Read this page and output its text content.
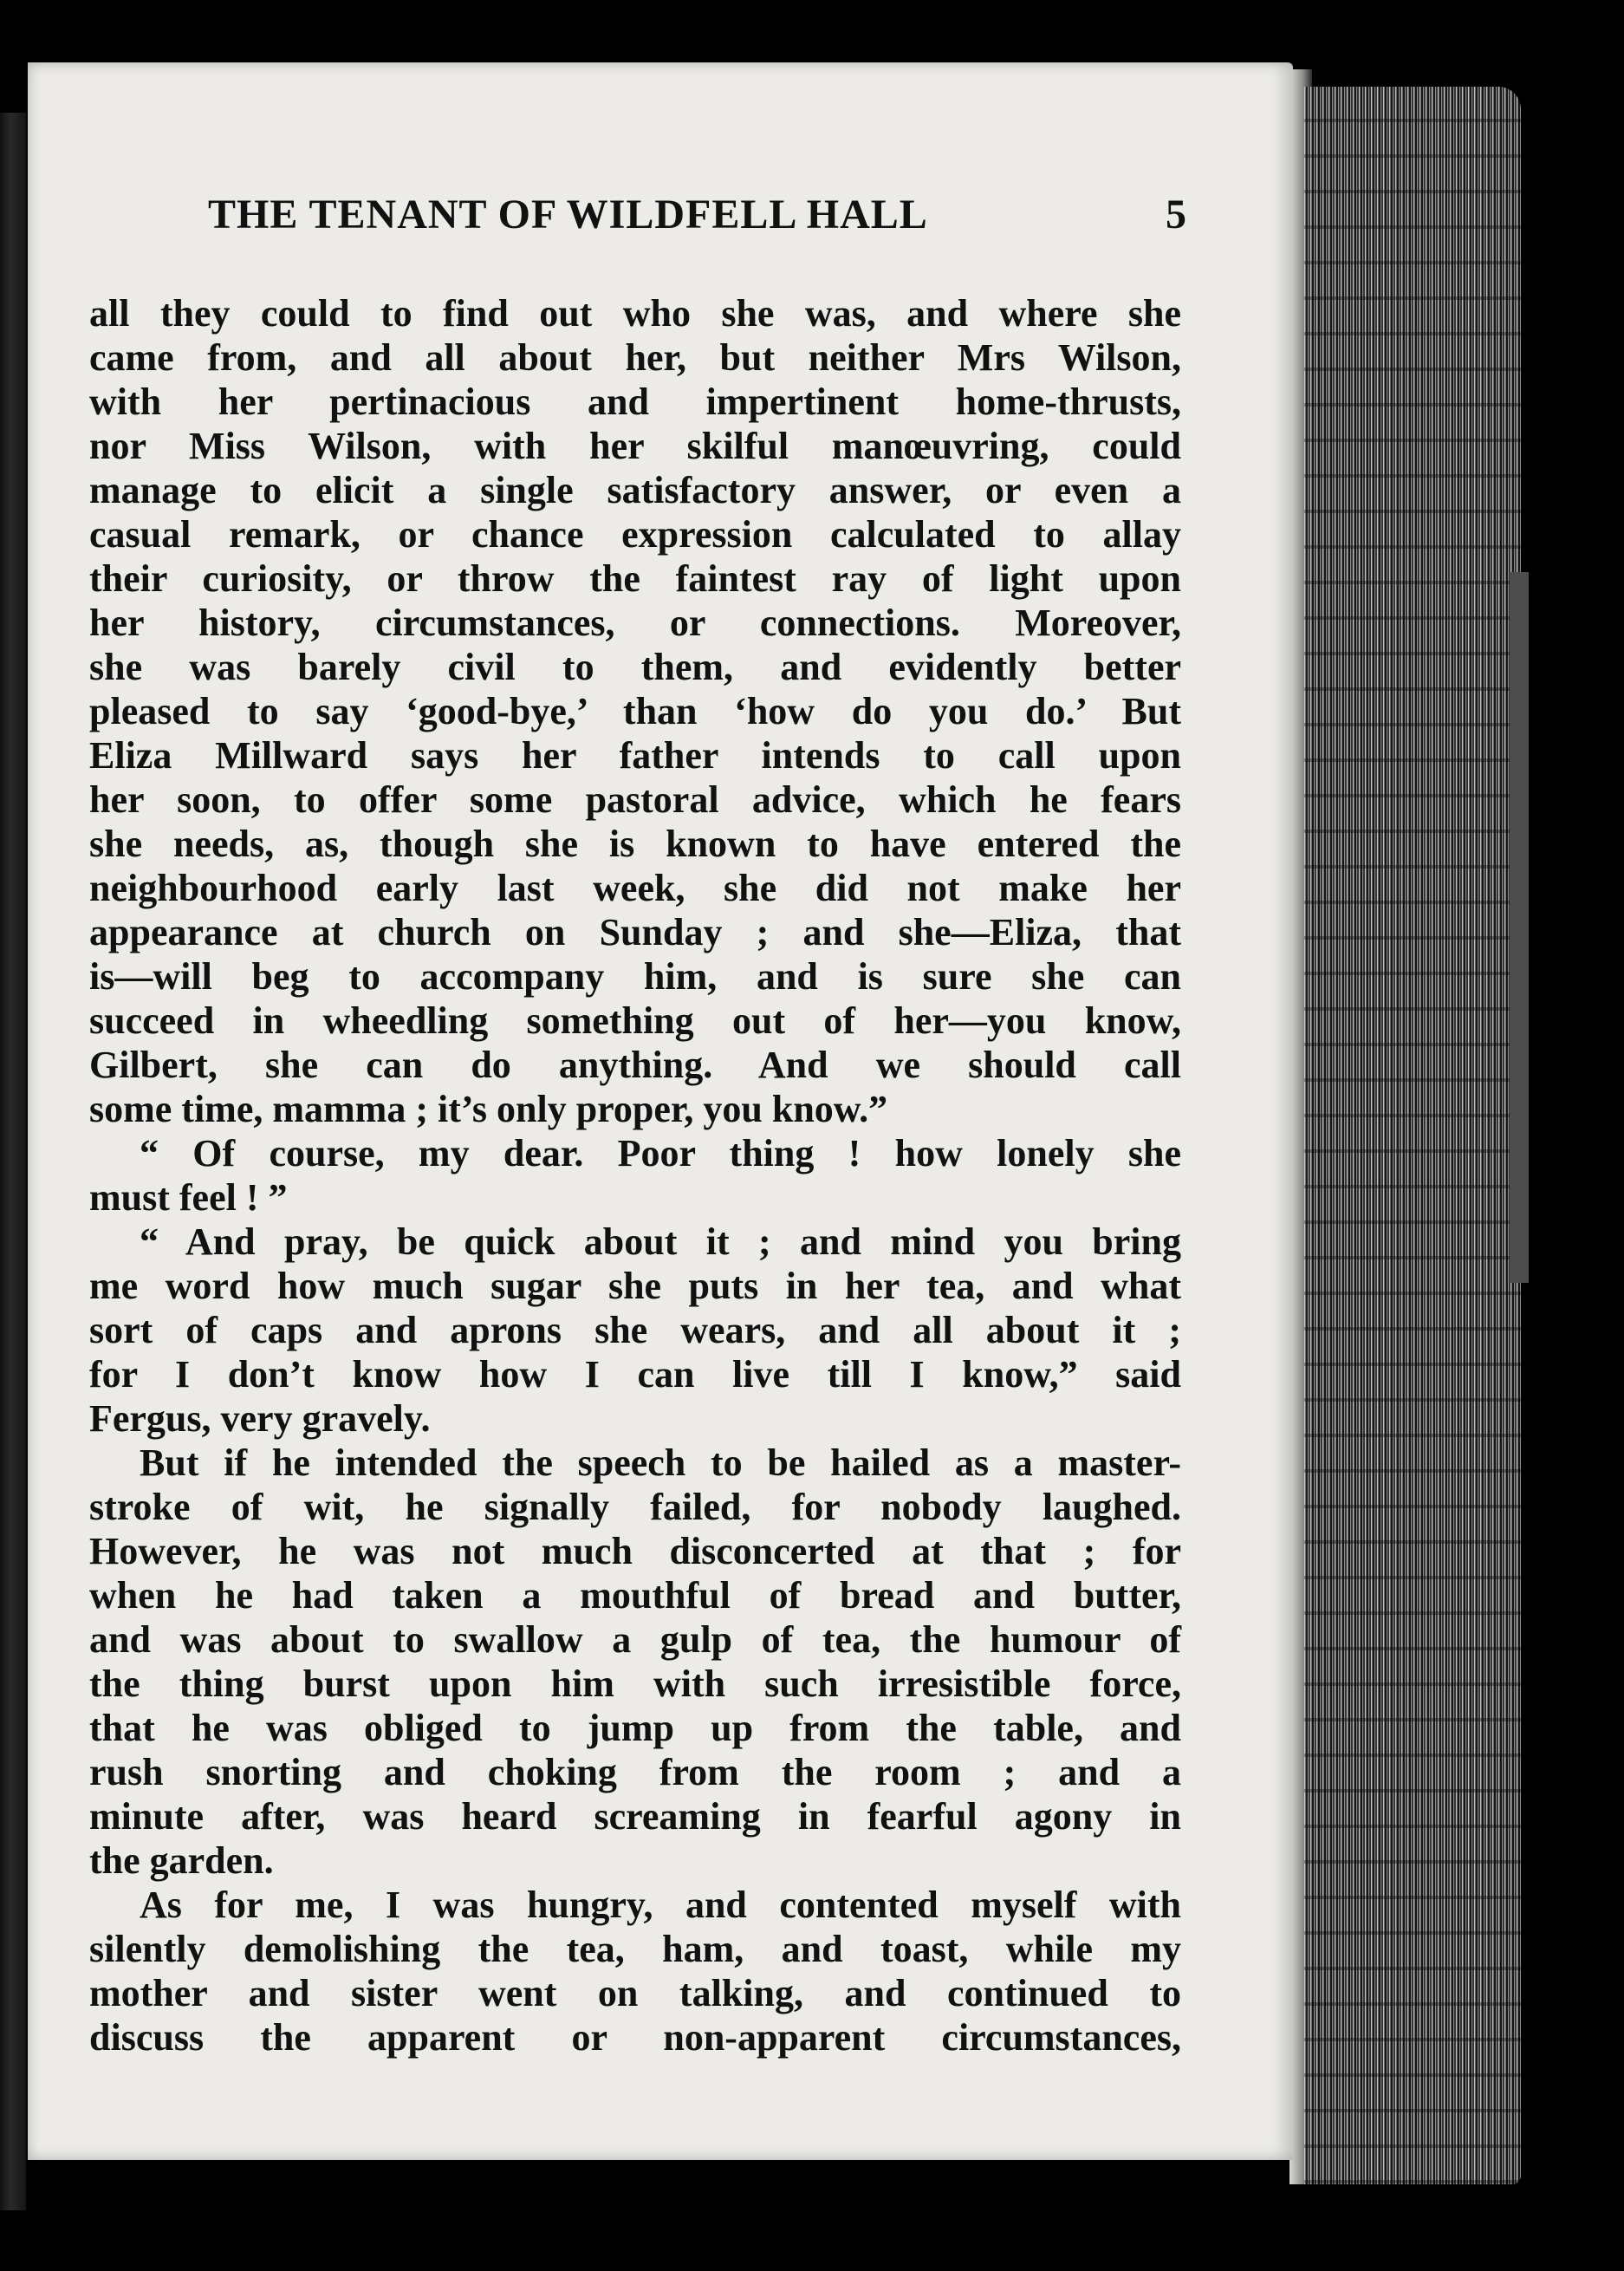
THE TENANT OF WILDFELL HALL	5
all they could to find out who she was, and where she
came from, and all about her, but neither Mrs Wilson,
with her pertinacious and impertinent home-thrusts,
nor Miss Wilson, with her skilful manœuvring, could
manage to elicit a single satisfactory answer, or even a
casual remark, or chance expression calculated to allay
their curiosity, or throw the faintest ray of light upon
her history, circumstances, or connections. Moreover,
she was barely civil to them, and evidently better
pleased to say ‘good-bye,’ than ‘how do you do.’ But
Eliza Millward says her father intends to call upon
her soon, to offer some pastoral advice, which he fears
she needs, as, though she is known to have entered the
neighbourhood early last week, she did not make her
appearance at church on Sunday ; and she—Eliza, that
is—will beg to accompany him, and is sure she can
succeed in wheedling something out of her—you know,
Gilbert, she can do anything. And we should call
some time, mamma ; it’s only proper, you know.”
“ Of course, my dear. Poor thing ! how lonely she
must feel ! ”
“ And pray, be quick about it ; and mind you bring
me word how much sugar she puts in her tea, and what
sort of caps and aprons she wears, and all about it ;
for I don’t know how I can live till I know,” said
Fergus, very gravely.
But if he intended the speech to be hailed as a master-
stroke of wit, he signally failed, for nobody laughed.
However, he was not much disconcerted at that ; for
when he had taken a mouthful of bread and butter,
and was about to swallow a gulp of tea, the humour of
the thing burst upon him with such irresistible force,
that he was obliged to jump up from the table, and
rush snorting and choking from the room ; and a
minute after, was heard screaming in fearful agony in
the garden.
As for me, I was hungry, and contented myself with
silently demolishing the tea, ham, and toast, while my
mother and sister went on talking, and continued to
discuss the apparent or non-apparent circumstances,
